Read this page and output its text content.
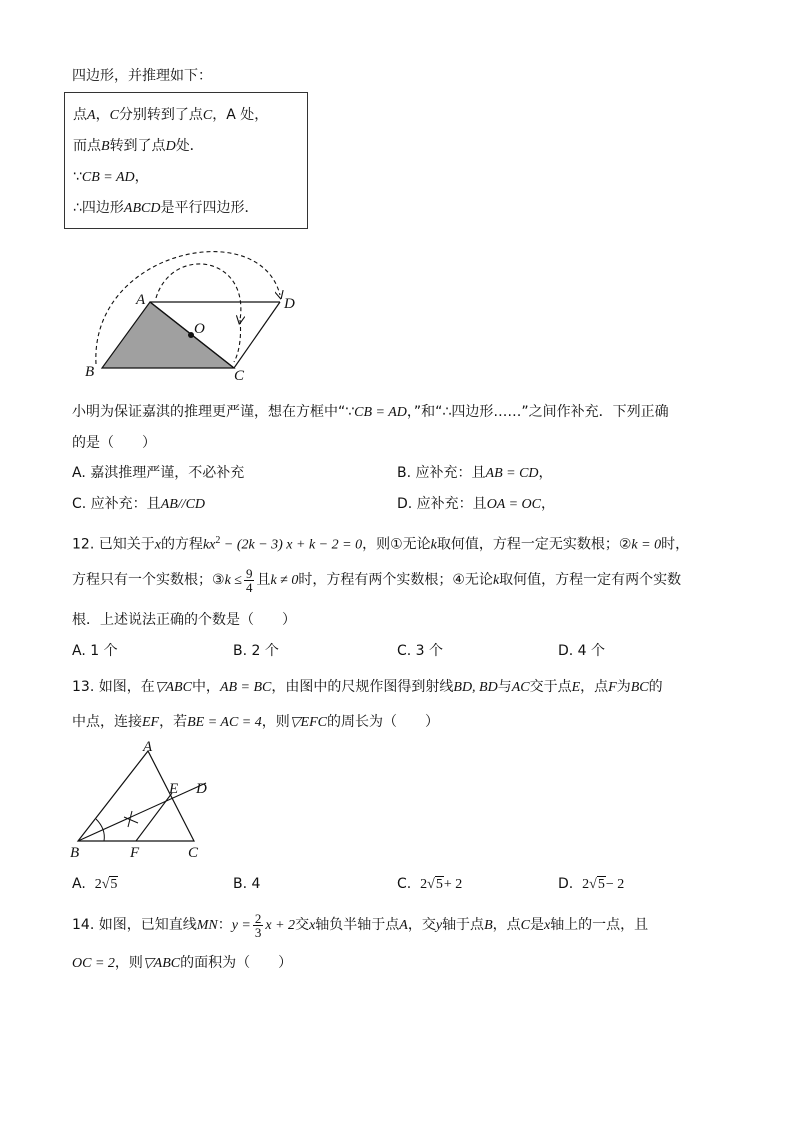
四边形，并推理如下：
点A，C分别转到了点C，A 处，
而点B转到了点D处．
∵CB = AD，
∴四边形ABCD是平行四边形．
A
B	C
D
O
小明为保证嘉淇的推理更严谨，想在方框中“∵CB = AD，”和“∴四边形……”之间作补充．下列正确
的是（　　）
A. 嘉淇推理严谨，不必补充	B. 应补充：且AB = CD，
C. 应补充：且AB//CD	D. 应补充：且OA = OC，
12. 已知关于x的方程$kx^2 - (2k - 3) x + k - 2 = 0$，则①无论k取何值，方程一定无实数根；②k = 0时，
方程只有一个实数根；③k ≤ $\frac{9}{4}$ 且k ≠ 0时，方程有两个实数根；④无论k取何值，方程一定有两个实数
根．上述说法正确的个数是（　　）
A. 1 个	B. 2 个	C. 3 个	D. 4 个
13. 如图，在▽ABC中，AB = BC，由图中的尺规作图得到射线BD, BD与AC交于点E，点F为BC的
中点，连接EF，若BE = AC = 4，则▽EFC的周长为（　　）
A
B	C
D
E
F
A. 2√5	B. 4	C. 2√5+ 2	D. 2√5− 2
14. 如图，已知直线MN：$y = \frac{2}{3}$ x + 2交x轴负半轴于点A，交y轴于点B，点C是x轴上的一点，且
OC = 2，则▽ABC的面积为（　　）
